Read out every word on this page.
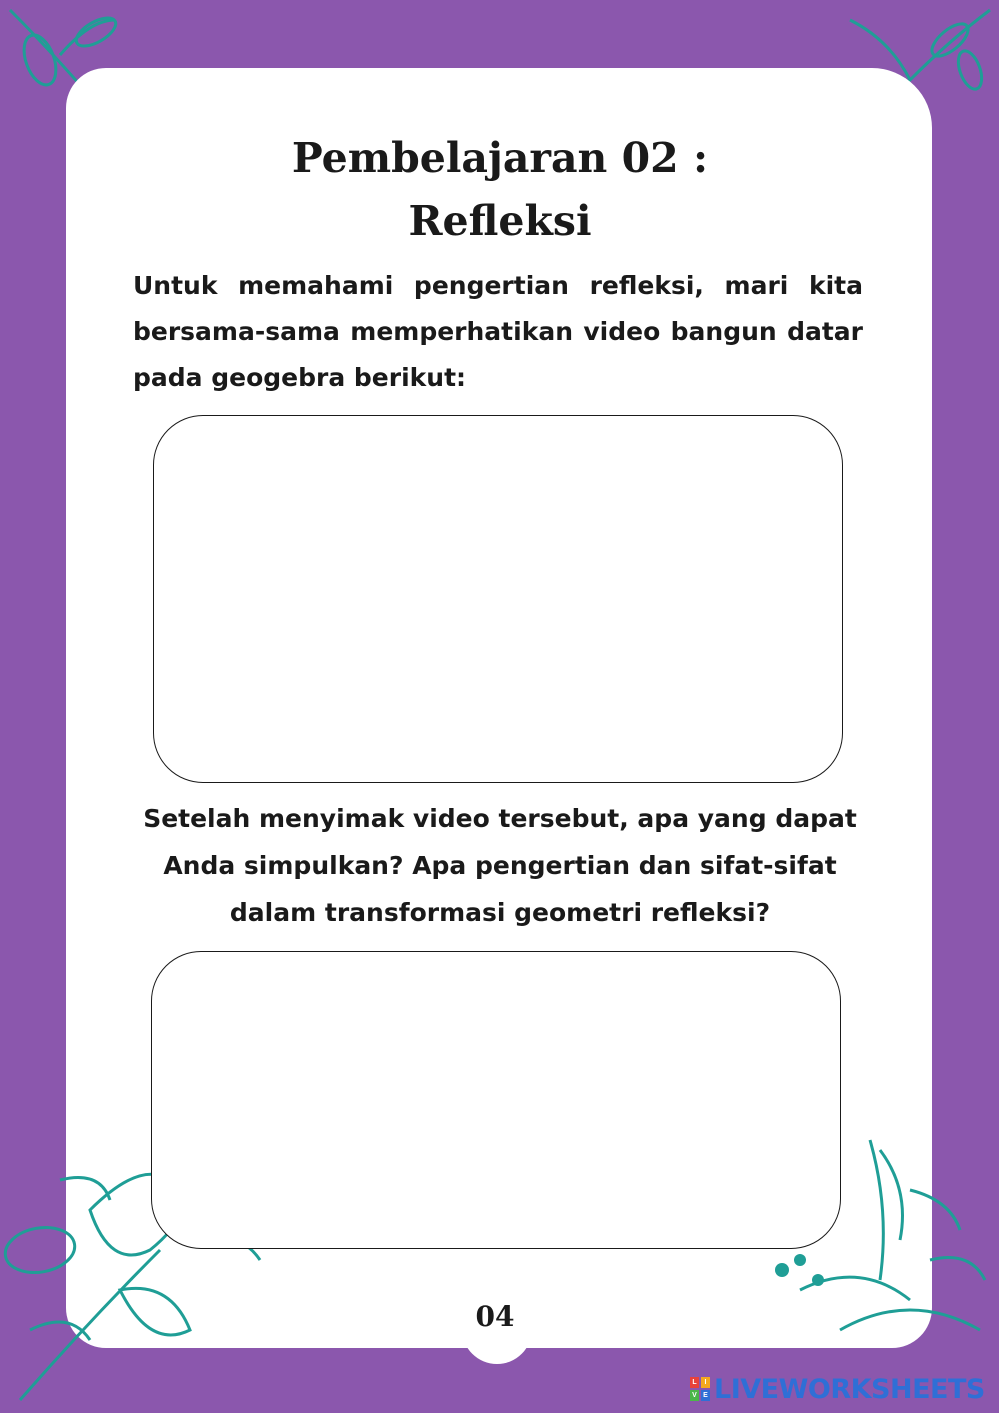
Pembelajaran 02 :
Refleksi
Untuk memahami pengertian refleksi, mari kita bersama-sama memperhatikan video bangun datar pada geogebra berikut:
Setelah menyimak video tersebut, apa yang dapat
Anda simpulkan? Apa pengertian dan sifat-sifat
dalam transformasi geometri refleksi?
04
L	I
V E LIVEWORKSHEETS
